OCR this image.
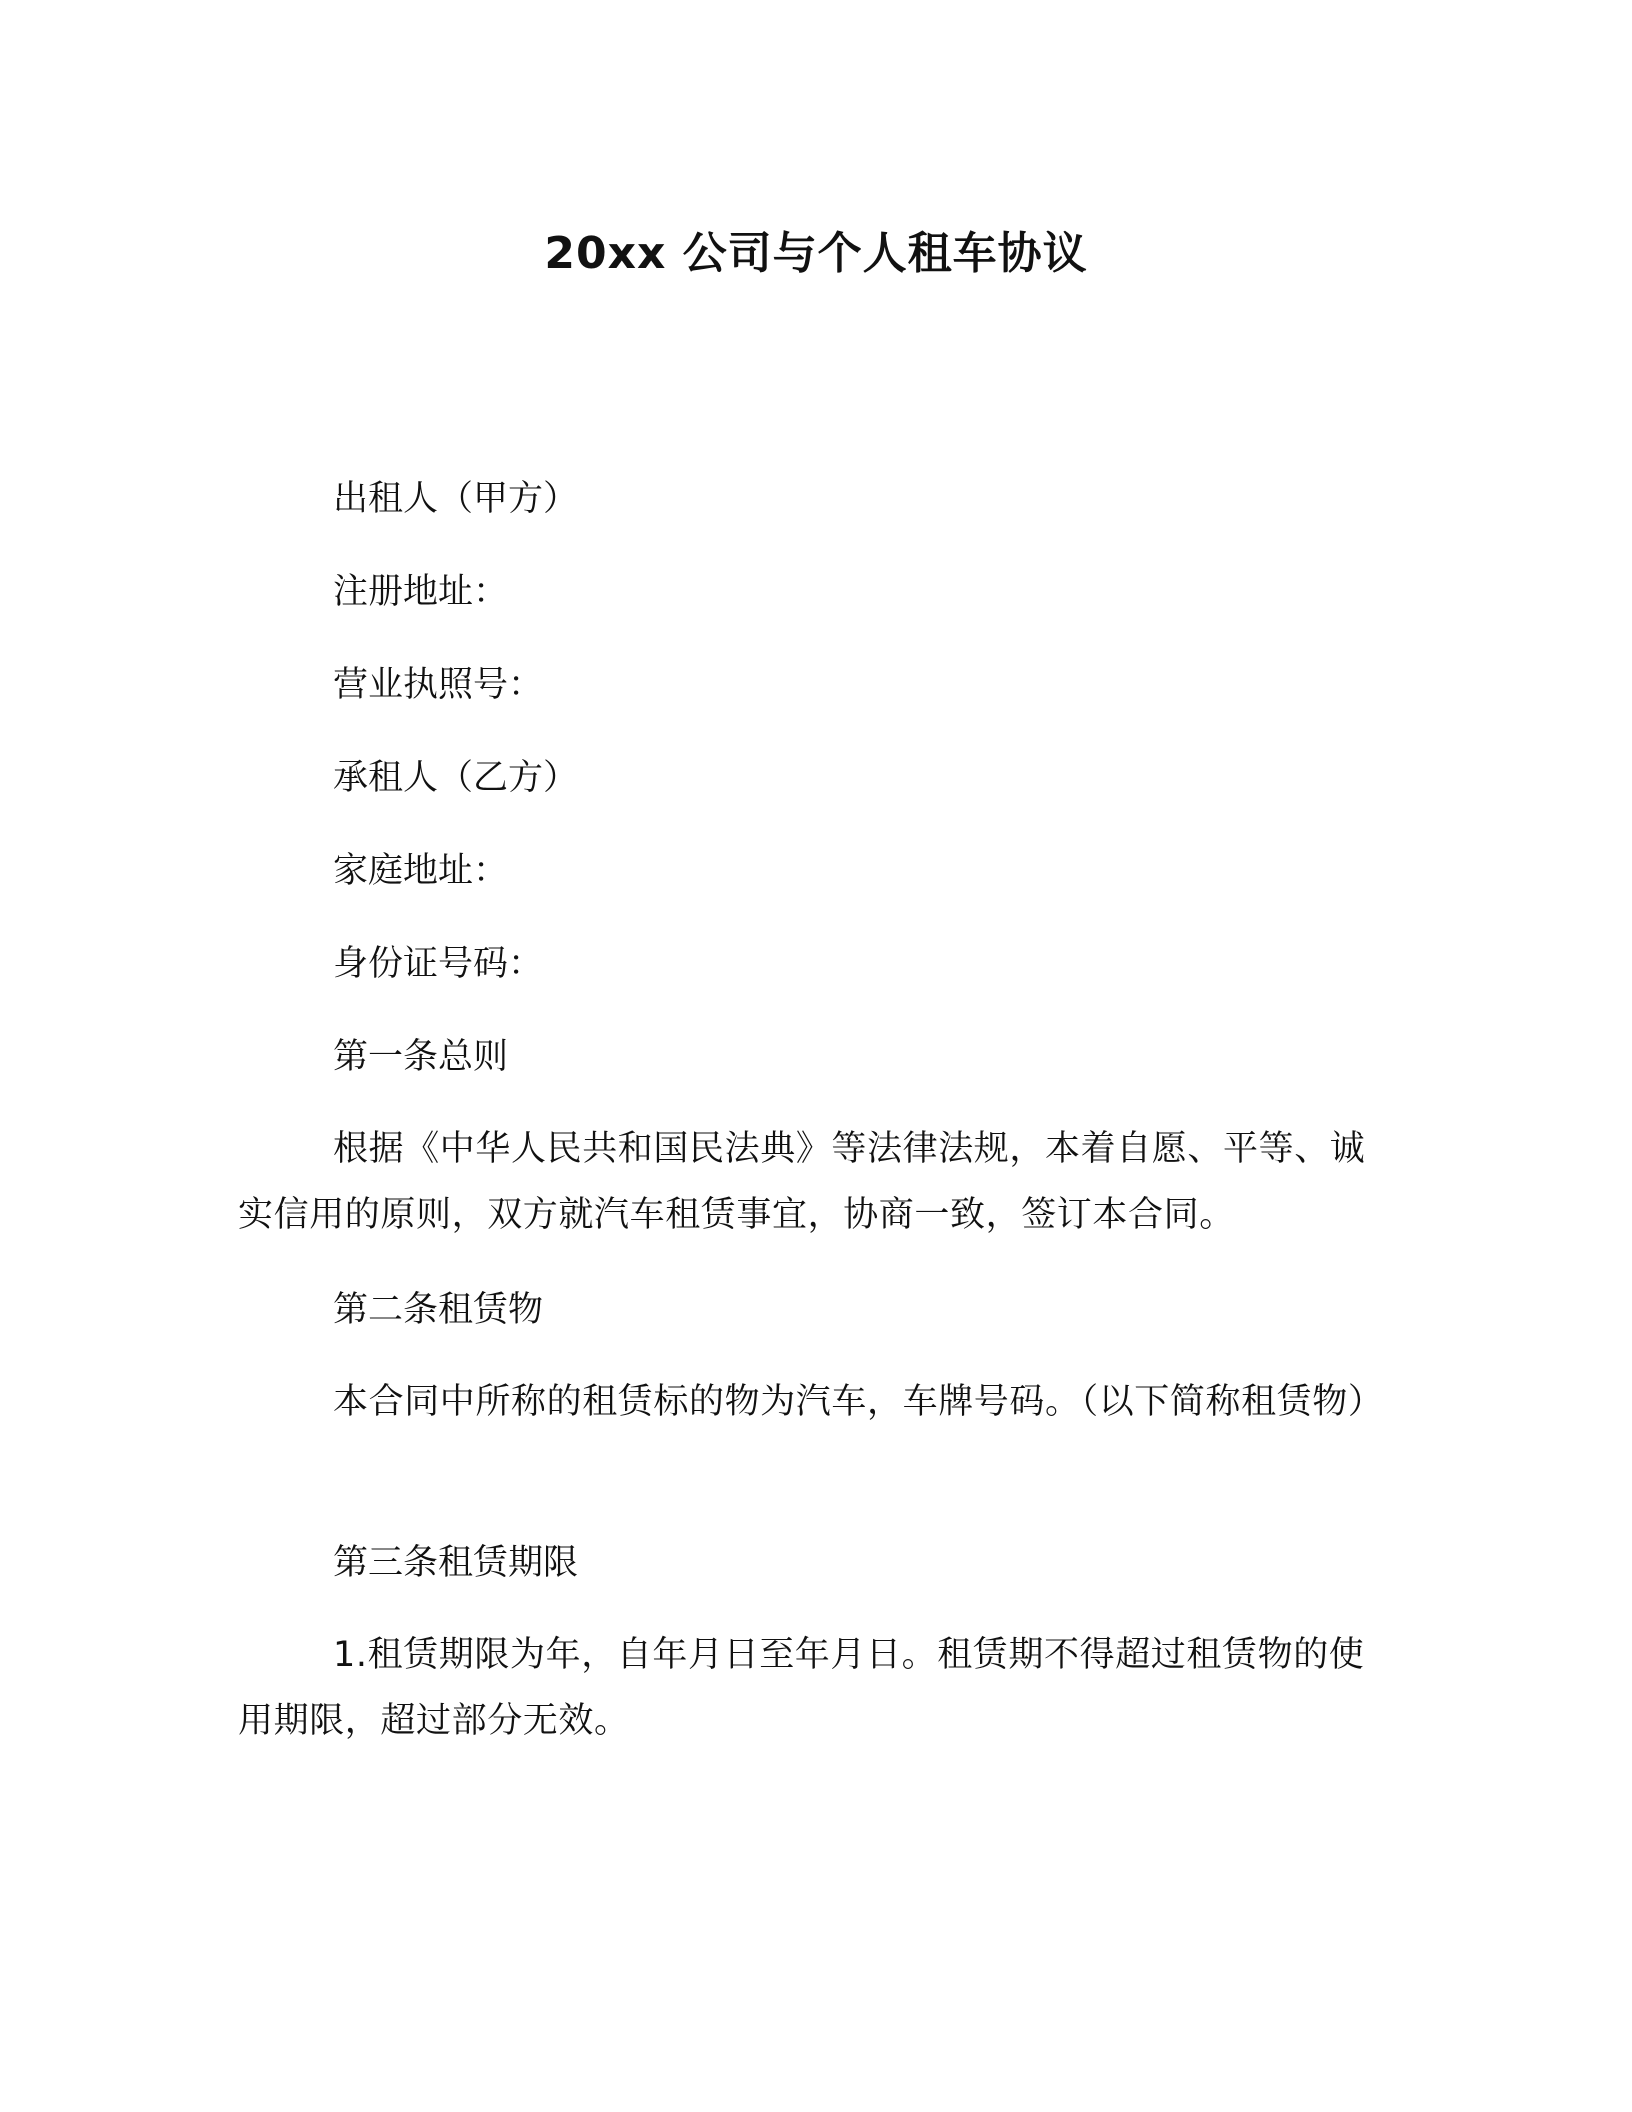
20xx 公司与个人租车协议

出租人（甲方）

注册地址：

营业执照号：

承租人（乙方）

家庭地址：

身份证号码：

第一条总则

根据《中华人民共和国民法典》等法律法规，本着自愿、平等、诚实信用的原则，双方就汽车租赁事宜，协商一致，签订本合同。

第二条租赁物

本合同中所称的租赁标的物为汽车，车牌号码。（以下简称租赁物）

第三条租赁期限

1.租赁期限为年，自年月日至年月日。租赁期不得超过租赁物的使用期限，超过部分无效。
